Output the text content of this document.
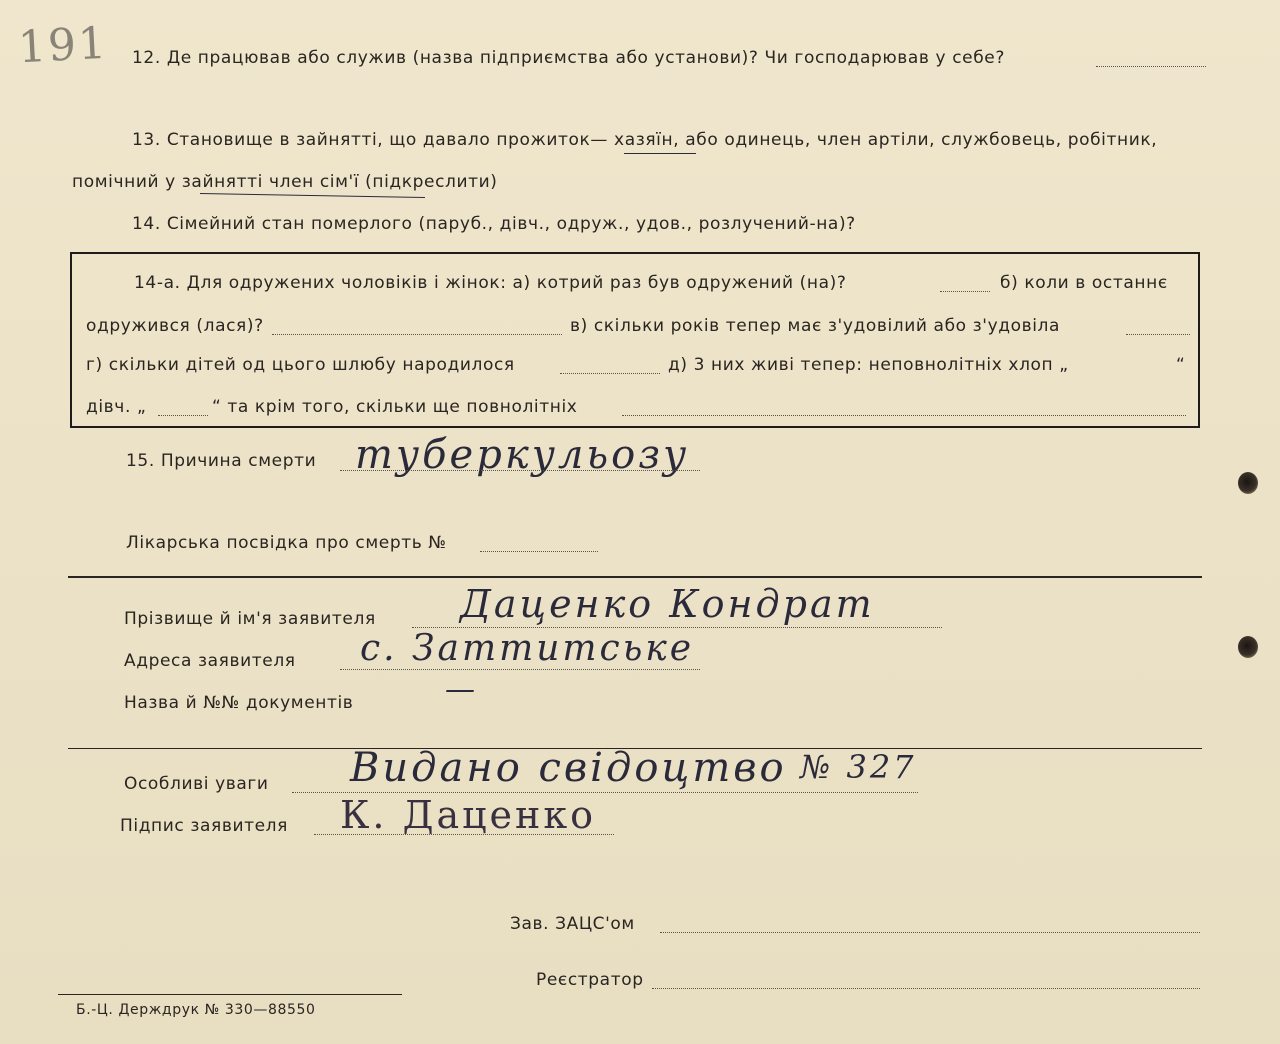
191 12. Де працював або служив (назва підприємства або установи)? Чи господарював у себе?
13. Становище в зайнятті, що давало прожиток— хазяїн, або одинець, член артіли, службовець, робітник,
помічний у зайнятті член сім'ї (підкреслити)
14. Сімейний стан померлого (паруб., дівч., одруж., удов., розлучений-на)?
14-а. Для одружених чоловіків і жінок: а) котрий раз був одружений (на)?	б) коли в останнє
одружився (лася)?	в) скільки років тепер має з'удовілий або з'удовіла
г) скільки дітей од цього шлюбу народилося	д) 3 них живі тепер: неповнолітніх хлоп „	“
дівч. „	“ та крім того, скільки ще повнолітніх
15. Причина смерти туберкульозу
Лікарська посвідка про смерть №
Прізвище й ім'я заявителя Даценко Кондрат
Адреса заявителя с. Заттитське
Назва й №№ документів	—
Особливі уваги Видано свідоцтво № 327
Підпис заявителя К. Даценко
Зав. ЗАЦС'ом
Реєстратор
Б.-Ц. Держдрук № 330—88550
